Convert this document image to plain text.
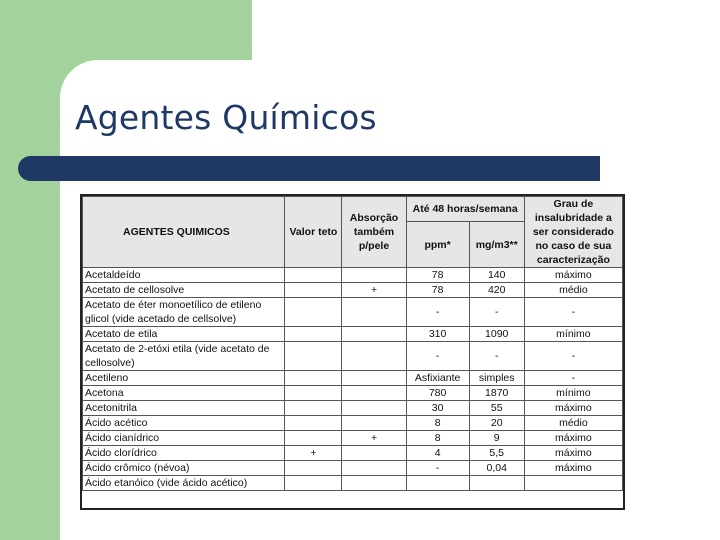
Agentes Químicos
AGENTES QUIMICOS	Valor teto	Absorção também p/pele	Até 48 horas/semana		Grau de insalubridade a ser considerado no caso de sua caracterização
			ppm*	mg/m3**	
Acetaldeído			78	140	máximo
Acetato de cellosolve		+	78	420	médio
Acetato de éter monoetílico de etileno glicol (vide acetado de cellsolve)			-	-	-
Acetato de etila			310	1090	mínimo
Acetato de 2-etóxi etila (vide acetato de cellosolve)			-	-	-
Acetileno			Asfixiante	simples	-
Acetona			780	1870	mínimo
Acetonitrila			30	55	máximo
Ácido acético			8	20	médio
Ácido cianídrico		+	8	9	máximo
Ácido clorídrico	+		4	5,5	máximo
Ácido crômico (névoa)			-	0,04	máximo
Ácido etanóico (vide ácido acético)					
